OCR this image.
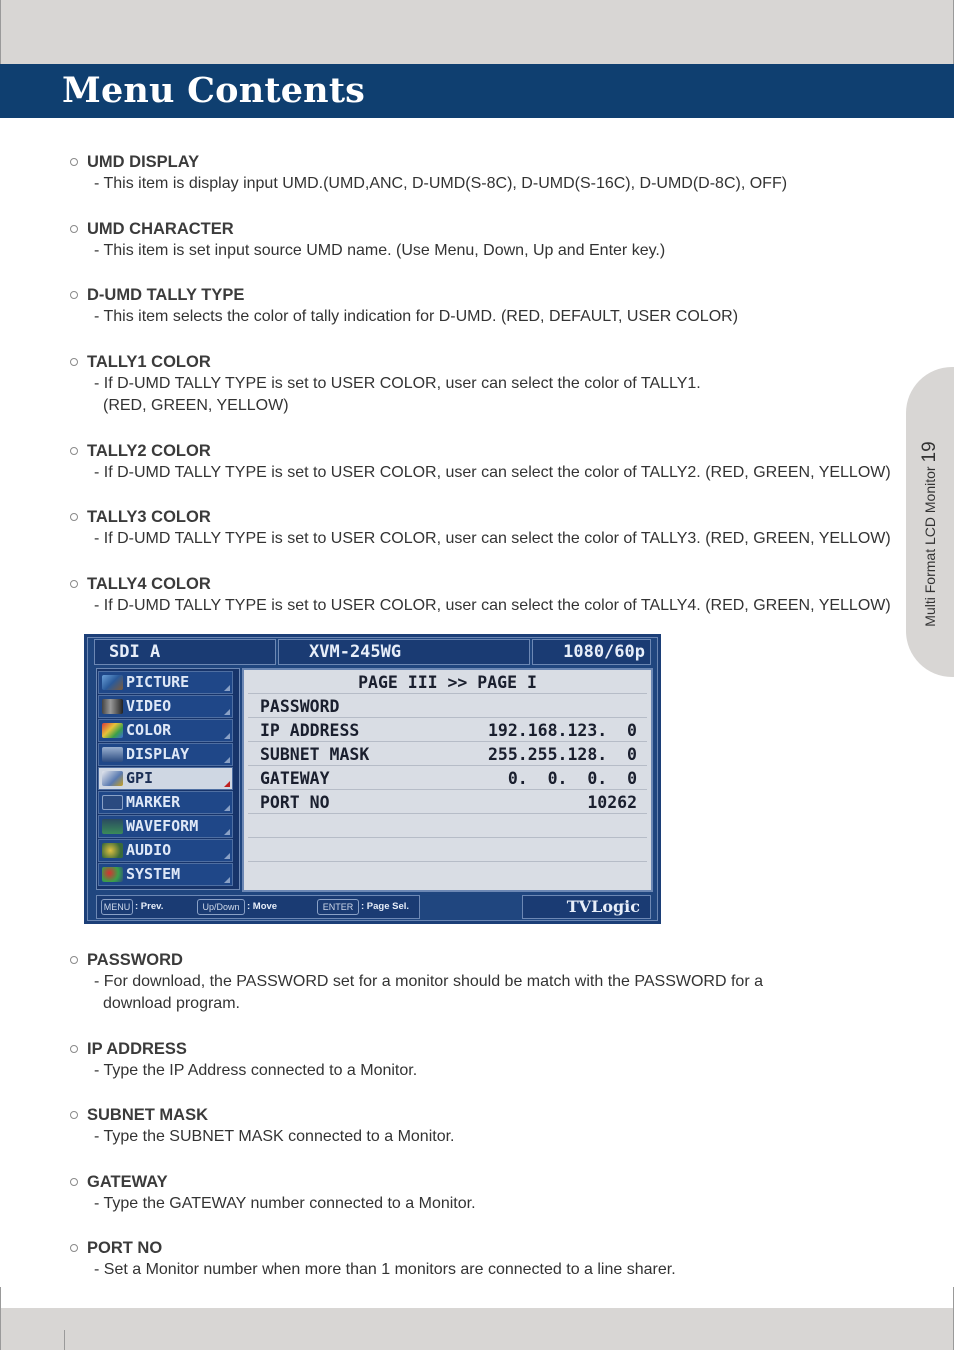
Menu Contents
Multi Format LCD Monitor19
UMD DISPLAY
- This item is display input UMD.(UMD,ANC, D-UMD(S-8C), D-UMD(S-16C), D-UMD(D-8C), OFF)
UMD CHARACTER
- This item is set input source UMD name. (Use Menu, Down, Up and Enter key.)
D-UMD TALLY TYPE
- This item selects the color of tally indication for D-UMD. (RED, DEFAULT, USER COLOR)
TALLY1 COLOR
- If D-UMD TALLY TYPE is set to USER COLOR, user can select the color of TALLY1.
(RED, GREEN, YELLOW)
TALLY2 COLOR
- If D-UMD TALLY TYPE is set to USER COLOR, user can select the color of TALLY2. (RED, GREEN, YELLOW)
TALLY3 COLOR
- If D-UMD TALLY TYPE is set to USER COLOR, user can select the color of TALLY3. (RED, GREEN, YELLOW)
TALLY4 COLOR
- If D-UMD TALLY TYPE is set to USER COLOR, user can select the color of TALLY4. (RED, GREEN, YELLOW)
SDI A	XVM-245WG	1080/60p
PICTURE
VIDEO
COLOR
DISPLAY
GPI
MARKER
WAVEFORM
AUDIO
SYSTEM
PAGE III >> PAGE I
PASSWORD
IP ADDRESS	192.168.123.  0
SUBNET MASK	255.255.128.  0
GATEWAY	0.  0.  0.  0
PORT NO	10262
MENU : Prev.	Up/Down : Move	ENTER : Page Sel.	TVLogic
PASSWORD
- For download, the PASSWORD set for a monitor should be match with the PASSWORD for a
download program.
IP ADDRESS
- Type the IP Address connected to a Monitor.
SUBNET MASK
- Type the SUBNET MASK connected to a Monitor.
GATEWAY
- Type the GATEWAY number connected to a Monitor.
PORT NO
- Set a Monitor number when more than 1 monitors are connected to a line sharer.
